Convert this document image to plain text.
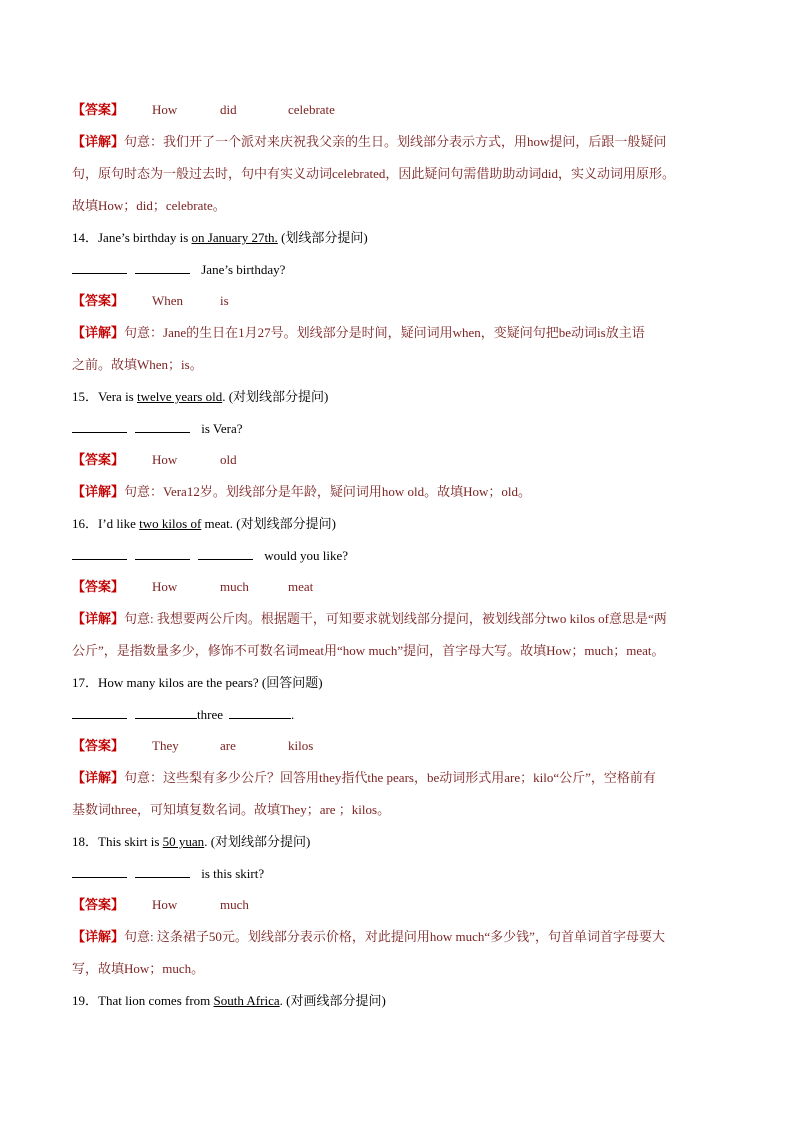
【答案】 How	did	celebrate
【详解】句意：我们开了一个派对来庆祝我父亲的生日。划线部分表示方式，用how提问，后跟一般疑问
句，原句时态为一般过去时，句中有实义动词celebrated，因此疑问句需借助助动词did，实义动词用原形。
故填How；did；celebrate。
14．Jane’s birthday is on January 27th. (划线部分提问)
Jane’s birthday?
【答案】 When	is
【详解】句意：Jane的生日在1月27号。划线部分是时间，疑问词用when，变疑问句把be动词is放主语
之前。故填When；is。
15．Vera is twelve years old. (对划线部分提问)
is Vera?
【答案】 How	old
【详解】句意：Vera12岁。划线部分是年龄，疑问词用how old。故填How；old。
16．I’d like two kilos of meat. (对划线部分提问)
would you like?
【答案】 How	much	meat
【详解】句意: 我想要两公斤肉。根据题干，可知要求就划线部分提问，被划线部分two kilos of意思是“两
公斤”，是指数量多少，修饰不可数名词meat用“how much”提问，首字母大写。故填How；much；meat。
17．How many kilos are the pears? (回答问题)
three	.
【答案】 They	are	kilos
【详解】句意：这些梨有多少公斤？回答用they指代the pears，be动词形式用are；kilo“公斤”，空格前有
基数词three，可知填复数名词。故填They；are ；kilos。
18．This skirt is 50 yuan. (对划线部分提问)
is this skirt?
【答案】 How	much
【详解】句意: 这条裙子50元。划线部分表示价格，对此提问用how much“多少钱”，句首单词首字母要大
写，故填How；much。
19．That lion comes from South Africa. (对画线部分提问)
